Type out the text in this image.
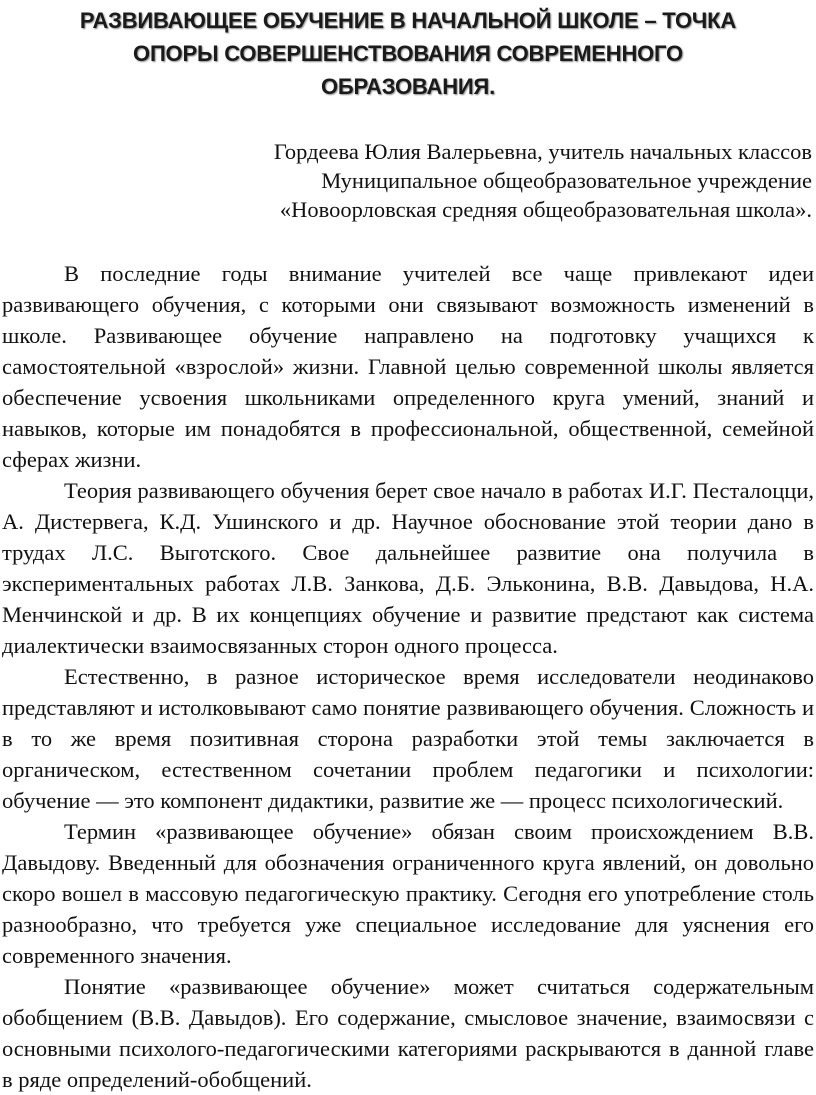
РАЗВИВАЮЩЕЕ ОБУЧЕНИЕ В НАЧАЛЬНОЙ ШКОЛЕ – ТОЧКА
ОПОРЫ СОВЕРШЕНСТВОВАНИЯ СОВРЕМЕННОГО
ОБРАЗОВАНИЯ.
Гордеева Юлия Валерьевна, учитель начальных классов
Муниципальное общеобразовательное учреждение
«Новоорловская средняя общеобразовательная школа».

В последние годы внимание учителей все чаще привлекают идеи развивающего обучения, с которыми они связывают возможность изменений в школе. Развивающее обучение направлено на подготовку учащихся к самостоятельной «взрослой» жизни. Главной целью современной школы является обеспечение усвоения школьниками определенного круга умений, знаний и навыков, которые им понадобятся в профессиональной, общественной, семейной сферах жизни.

Теория развивающего обучения берет свое начало в работах И.Г. Песталоцци, А. Дистервега, К.Д. Ушинского и др. Научное обоснование этой теории дано в трудах Л.С. Выготского. Свое дальнейшее развитие она получила в экспериментальных работах Л.В. Занкова, Д.Б. Эльконина, В.В. Давыдова, Н.А. Менчинской и др. В их концепциях обучение и развитие предстают как система диалектически взаимосвязанных сторон одного процесса.

Естественно, в разное историческое время исследователи неодинаково представляют и истолковывают само понятие развивающего обучения. Сложность и в то же время позитивная сторона разработки этой темы заключается в органическом, естественном сочетании проблем педагогики и психологии: обучение — это компонент дидактики, развитие же — процесс психологический.

Термин «развивающее обучение» обязан своим происхождением В.В. Давыдову. Введенный для обозначения ограниченного круга явлений, он довольно скоро вошел в массовую педагогическую практику. Сегодня его употребление столь разнообразно, что требуется уже специальное исследование для уяснения его современного значения.

Понятие «развивающее обучение» может считаться содержательным обобщением (В.В. Давыдов). Его содержание, смысловое значение, взаимосвязи с основными психолого-педагогическими категориями раскрываются в данной главе в ряде определений-обобщений.
